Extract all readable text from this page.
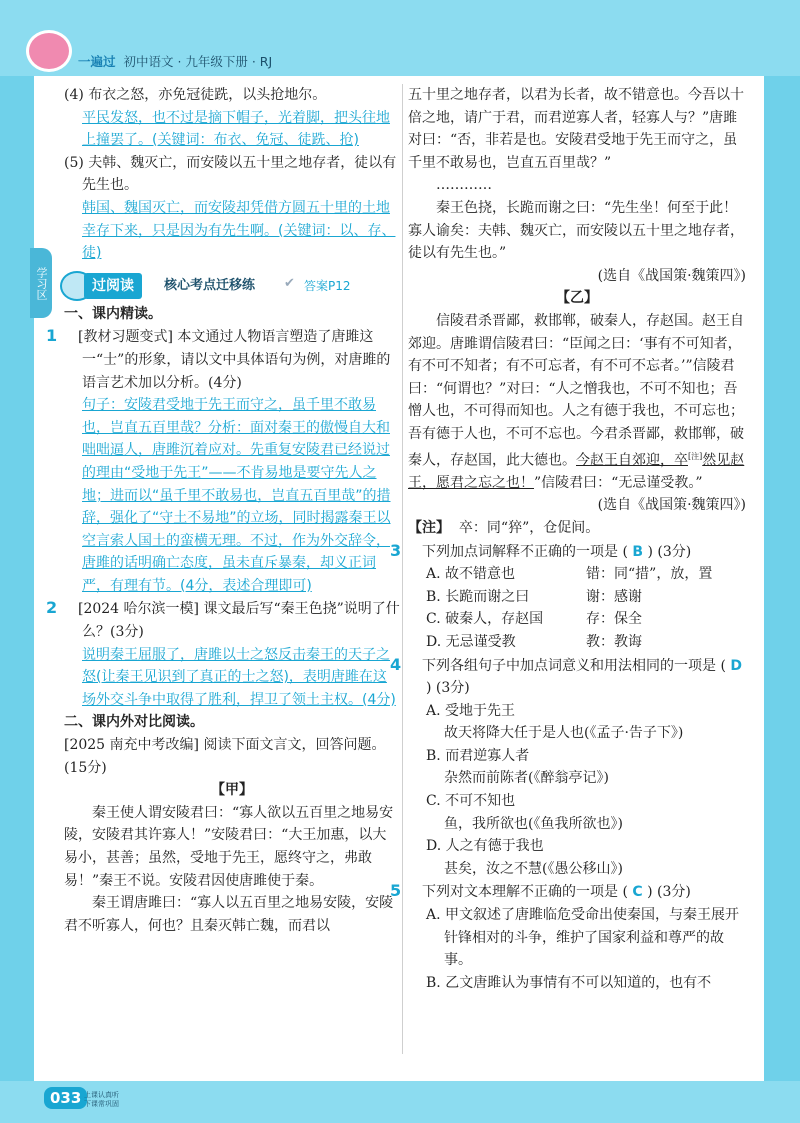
一遍过 初中语文 · 九年级下册 · RJ
学习区

(4) 布衣之怒，亦免冠徒跣，以头抢地尔。

平民发怒，也不过是摘下帽子，光着脚，把头往地上撞罢了。(关键词：布衣、免冠、徒跣、抢)

(5) 夫韩、魏灭亡，而安陵以五十里之地存者，徒以有先生也。

韩国、魏国灭亡，而安陵却凭借方圆五十里的土地幸存下来，只是因为有先生啊。(关键词：以、存、徒)

过阅读	核心考点迁移练 ✔ 答案P12

一、课内精读。

1 [教材习题变式] 本文通过人物语言塑造了唐雎这一“士”的形象，请以文中具体语句为例，对唐雎的语言艺术加以分析。(4分)

句子：安陵君受地于先王而守之，虽千里不敢易也，岂直五百里哉？分析：面对秦王的傲慢自大和咄咄逼人，唐雎沉着应对。先重复安陵君已经说过的理由“受地于先王”——不肯易地是要守先人之地；进而以“虽千里不敢易也，岂直五百里哉”的措辞，强化了“守土不易地”的立场，同时揭露秦王以空言索人国土的蛮横无理。不过，作为外交辞令，唐雎的话明确亡态度，虽未直斥暴秦，却义正词严，有理有节。(4分，表述合理即可)

2 [2024 哈尔滨一模] 课文最后写“秦王色挠”说明了什么？(3分)

说明秦王屈服了，唐雎以士之怒反击秦王的天子之怒(让秦王见识到了真正的士之怒)，表明唐雎在这场外交斗争中取得了胜利，捍卫了领土主权。(4分)

二、课内外对比阅读。

[2025 南充中考改编] 阅读下面文言文，回答问题。(15分)

【甲】

秦王使人谓安陵君曰：“寡人欲以五百里之地易安陵，安陵君其许寡人！”安陵君曰：“大王加惠，以大易小，甚善；虽然，受地于先王，愿终守之，弗敢易！”秦王不说。安陵君因使唐雎使于秦。

秦王谓唐雎曰：“寡人以五百里之地易安陵，安陵君不听寡人，何也？且秦灭韩亡魏，而君以

五十里之地存者，以君为长者，故不错意也。今吾以十倍之地，请广于君，而君逆寡人者，轻寡人与？”唐雎对曰：“否，非若是也。安陵君受地于先王而守之，虽千里不敢易也，岂直五百里哉？”

…………

秦王色挠，长跪而谢之曰：“先生坐！何至于此！寡人谕矣：夫韩、魏灭亡，而安陵以五十里之地存者，徒以有先生也。”

(选自《战国策·魏策四》)

【乙】

信陵君杀晋鄙，救邯郸，破秦人，存赵国。赵王自郊迎。唐雎谓信陵君曰：“臣闻之曰：‘事有不可知者，有不可不知者；有不可忘者，有不可不忘者。’”信陵君曰：“何谓也？”对曰：“人之憎我也，不可不知也；吾憎人也，不可得而知也。人之有德于我也，不可忘也；吾有德于人也，不可不忘也。今君杀晋鄙，救邯郸，破秦人，存赵国，此大德也。今赵王自郊迎，卒[注]然见赵王，愿君之忘之也！”信陵君曰：“无忌谨受教。”

(选自《战国策·魏策四》)

【注】 卒：同“猝”，仓促间。

3 下列加点词解释不正确的一项是 ( B ) (3分)

A. 故不错意也	错：同“措”，放，置

B. 长跪而谢之曰	谢：感谢

C. 破秦人，存赵国	存：保全

D. 无忌谨受教	教：教诲

4 下列各组句子中加点词意义和用法相同的一项是 ( D ) (3分)

A. 受地于先王

故天将降大任于是人也(《孟子·告子下》)

B. 而君逆寡人者

杂然而前陈者(《醉翁亭记》)

C. 不可不知也

鱼，我所欲也(《鱼我所欲也》)

D. 人之有德于我也

甚矣，汝之不慧(《愚公移山》)

5 下列对文本理解不正确的一项是 ( C ) (3分)

A. 甲文叙述了唐雎临危受命出使秦国，与秦王展开针锋相对的斗争，维护了国家利益和尊严的故事。

B. 乙文唐雎认为事情有不可以知道的，也有不

033 上课认真听 下课常巩固
